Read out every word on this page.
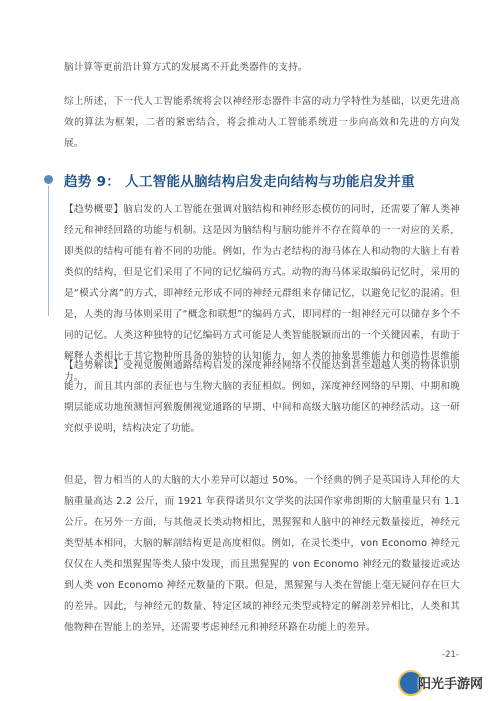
脑计算等更前沿计算方式的发展离不开此类器件的支持。

综上所述，下一代人工智能系统将会以神经形态器件丰富的动力学特性为基础，以更先进高效的算法为框架，二者的紧密结合，将会推动人工智能系统进一步向高效和先进的方向发展。

趋势 9： 人工智能从脑结构启发走向结构与功能启发并重

【趋势概要】脑启发的人工智能在强调对脑结构和神经形态模仿的同时，还需要了解人类神经元和神经回路的功能与机制。这是因为脑结构与脑功能并不存在简单的一一对应的关系，即类似的结构可能有着不同的功能。例如，作为古老结构的海马体在人和动物的大脑上有着类似的结构，但是它们采用了不同的记忆编码方式。动物的海马体采取编码记忆时，采用的是“模式分离”的方式，即神经元形成不同的神经元群组来存储记忆，以避免记忆的混淆。但是，人类的海马体则采用了“概念和联想”的编码方式，即同样的一组神经元可以储存多个不同的记忆。人类这种独特的记忆编码方式可能是人类智能脱颖而出的一个关键因素，有助于解释人类相比于其它物种所具备的独特的认知能力，如人类的抽象思维能力和创造性思维能力。

【趋势解读】受视觉腹侧通路结构启发的深度神经网络不仅能达到甚至超越人类的物体识别能力，而且其内部的表征也与生物大脑的表征相似。例如，深度神经网络的早期、中期和晚期层能成功地预测恒河猴腹侧视觉通路的早期、中间和高级大脑功能区的神经活动。这一研究似乎说明，结构决定了功能。

但是，智力相当的人的大脑的大小差异可以超过 50%。一个经典的例子是英国诗人拜伦的大脑重量高达 2.2 公斤，而 1921 年获得诺贝尔文学奖的法国作家弗朗斯的大脑重量只有 1.1 公斤。在另外一方面，与其他灵长类动物相比，黑猩猩和人脑中的神经元数量接近，神经元类型基本相同，大脑的解剖结构更是高度相似。例如，在灵长类中，von Economo 神经元仅仅在人类和黑猩猩等类人猿中发现，而且黑猩猩的 von Economo 神经元的数量接近或达到人类 von Economo 神经元数量的下限。但是，黑猩猩与人类在智能上毫无疑问存在巨大的差异。因此，与神经元的数量、特定区域的神经元类型或特定的解剖差异相比，人类和其他物种在智能上的差异，还需要考虑神经元和神经环路在功能上的差异。

-21-
阳光手游网
